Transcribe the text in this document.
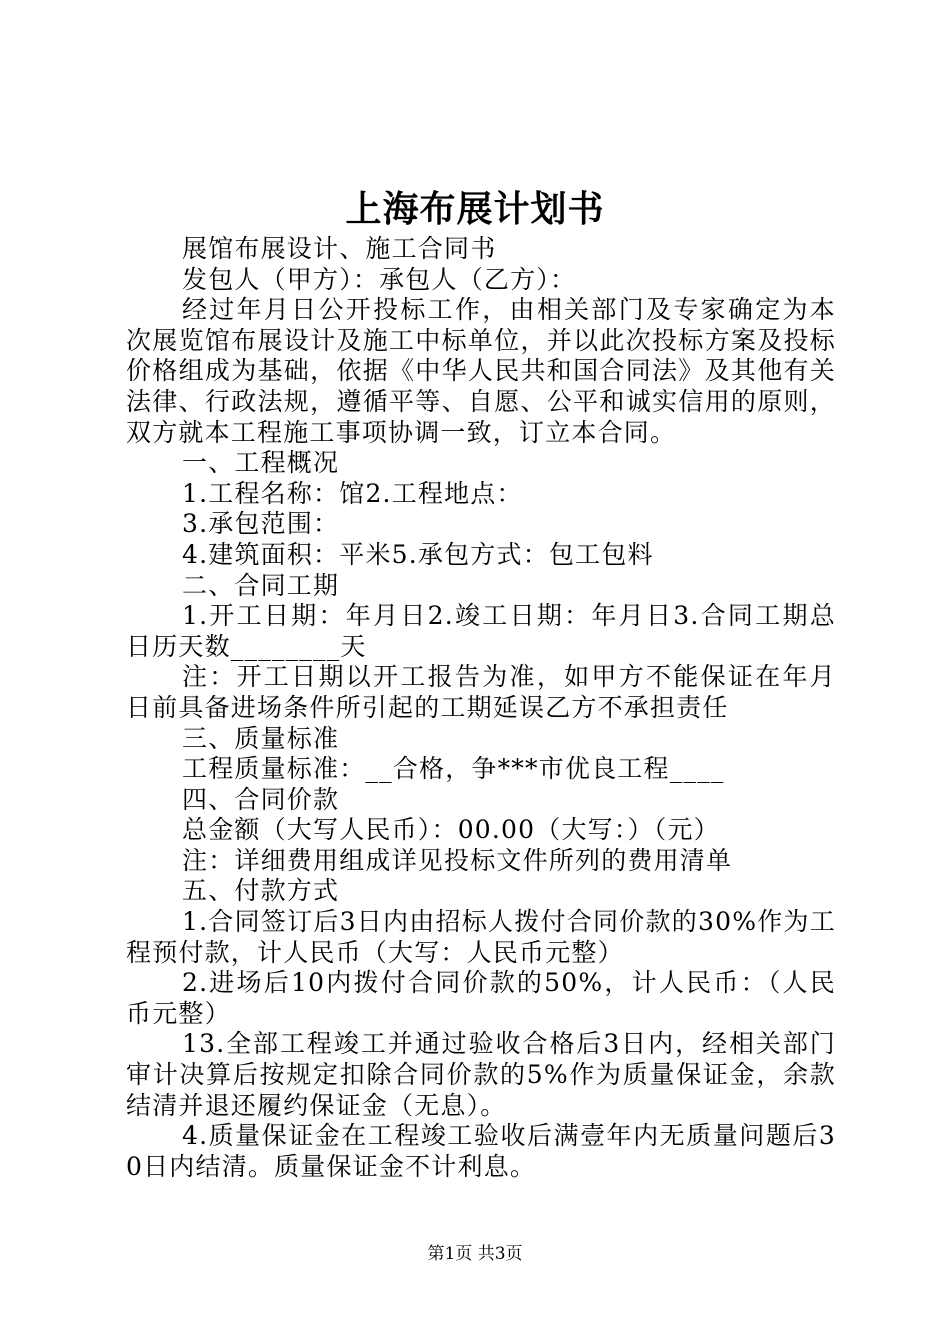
上海布展计划书

展馆布展设计、施工合同书

发包人（甲方）：承包人（乙方）：

经过年月日公开投标工作，由相关部门及专家确定为本次展览馆布展设计及施工中标单位，并以此次投标方案及投标价格组成为基础，依据《中华人民共和国合同法》及其他有关法律、行政法规，遵循平等、自愿、公平和诚实信用的原则，双方就本工程施工事项协调一致，订立本合同。

一、工程概况

1.工程名称：馆2.工程地点：

3.承包范围：

4.建筑面积：平米5.承包方式：包工包料

二、合同工期

1.开工日期：年月日2.竣工日期：年月日3.合同工期总日历天数________天

注：开工日期以开工报告为准，如甲方不能保证在年月日前具备进场条件所引起的工期延误乙方不承担责任

三、质量标准

工程质量标准：__合格，争***市优良工程____

四、合同价款

总金额（大写人民币）：00.00（大写：）（元）

注：详细费用组成详见投标文件所列的费用清单

五、付款方式

1.合同签订后3日内由招标人拨付合同价款的30%作为工程预付款，计人民币（大写：人民币元整）

2.进场后10内拨付合同价款的50%，计人民币：（人民币元整）

13.全部工程竣工并通过验收合格后3日内，经相关部门审计决算后按规定扣除合同价款的5%作为质量保证金，余款结清并退还履约保证金（无息）。

4.质量保证金在工程竣工验收后满壹年内无质量问题后30日内结清。质量保证金不计利息。

第1页 共3页
